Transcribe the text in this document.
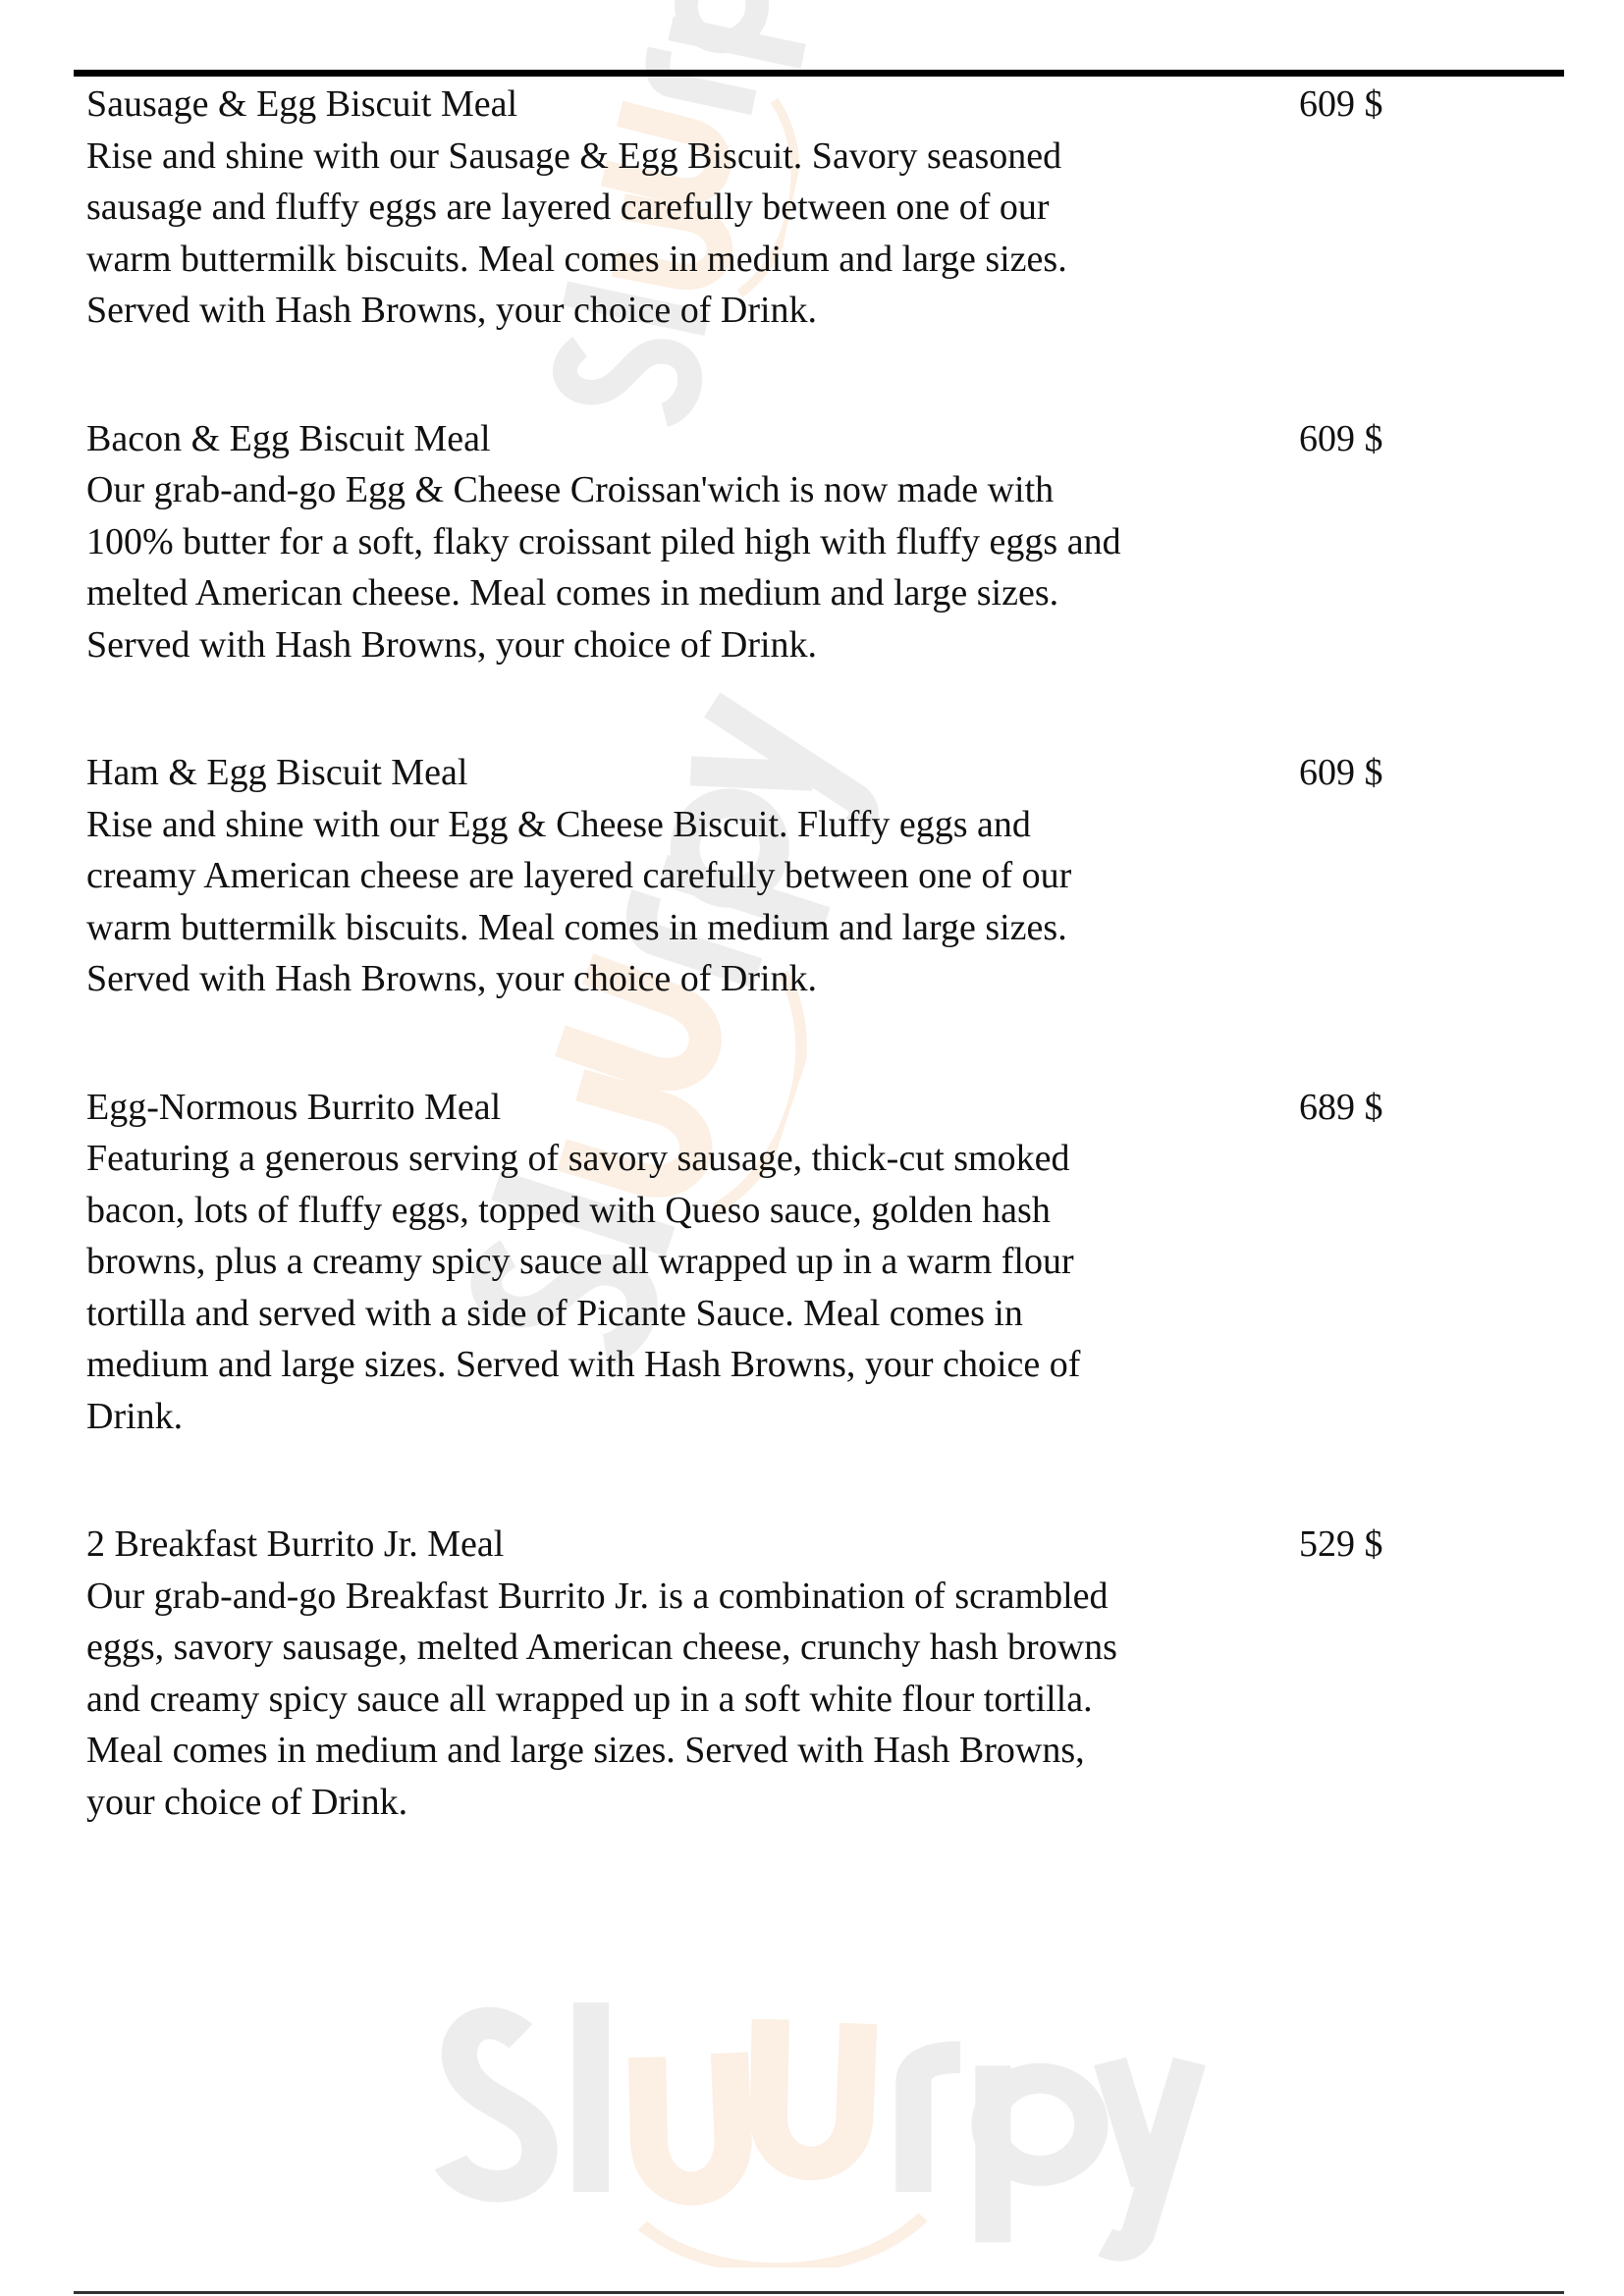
Sausage & Egg Biscuit Meal	609 $
Rise and shine with our Sausage & Egg Biscuit. Savory seasoned
sausage and fluffy eggs are layered carefully between one of our
warm buttermilk biscuits. Meal comes in medium and large sizes.
Served with Hash Browns, your choice of Drink.
Bacon & Egg Biscuit Meal	609 $
Our grab-and-go Egg & Cheese Croissan'wich is now made with
100% butter for a soft, flaky croissant piled high with fluffy eggs and
melted American cheese. Meal comes in medium and large sizes.
Served with Hash Browns, your choice of Drink.
Ham & Egg Biscuit Meal	609 $
Rise and shine with our Egg & Cheese Biscuit. Fluffy eggs and
creamy American cheese are layered carefully between one of our
warm buttermilk biscuits. Meal comes in medium and large sizes.
Served with Hash Browns, your choice of Drink.
Egg-Normous Burrito Meal	689 $
Featuring a generous serving of savory sausage, thick-cut smoked
bacon, lots of fluffy eggs, topped with Queso sauce, golden hash
browns, plus a creamy spicy sauce all wrapped up in a warm flour
tortilla and served with a side of Picante Sauce. Meal comes in
medium and large sizes. Served with Hash Browns, your choice of
Drink.
2 Breakfast Burrito Jr. Meal	529 $
Our grab-and-go Breakfast Burrito Jr. is a combination of scrambled
eggs, savory sausage, melted American cheese, crunchy hash browns
and creamy spicy sauce all wrapped up in a soft white flour tortilla.
Meal comes in medium and large sizes. Served with Hash Browns,
your choice of Drink.
